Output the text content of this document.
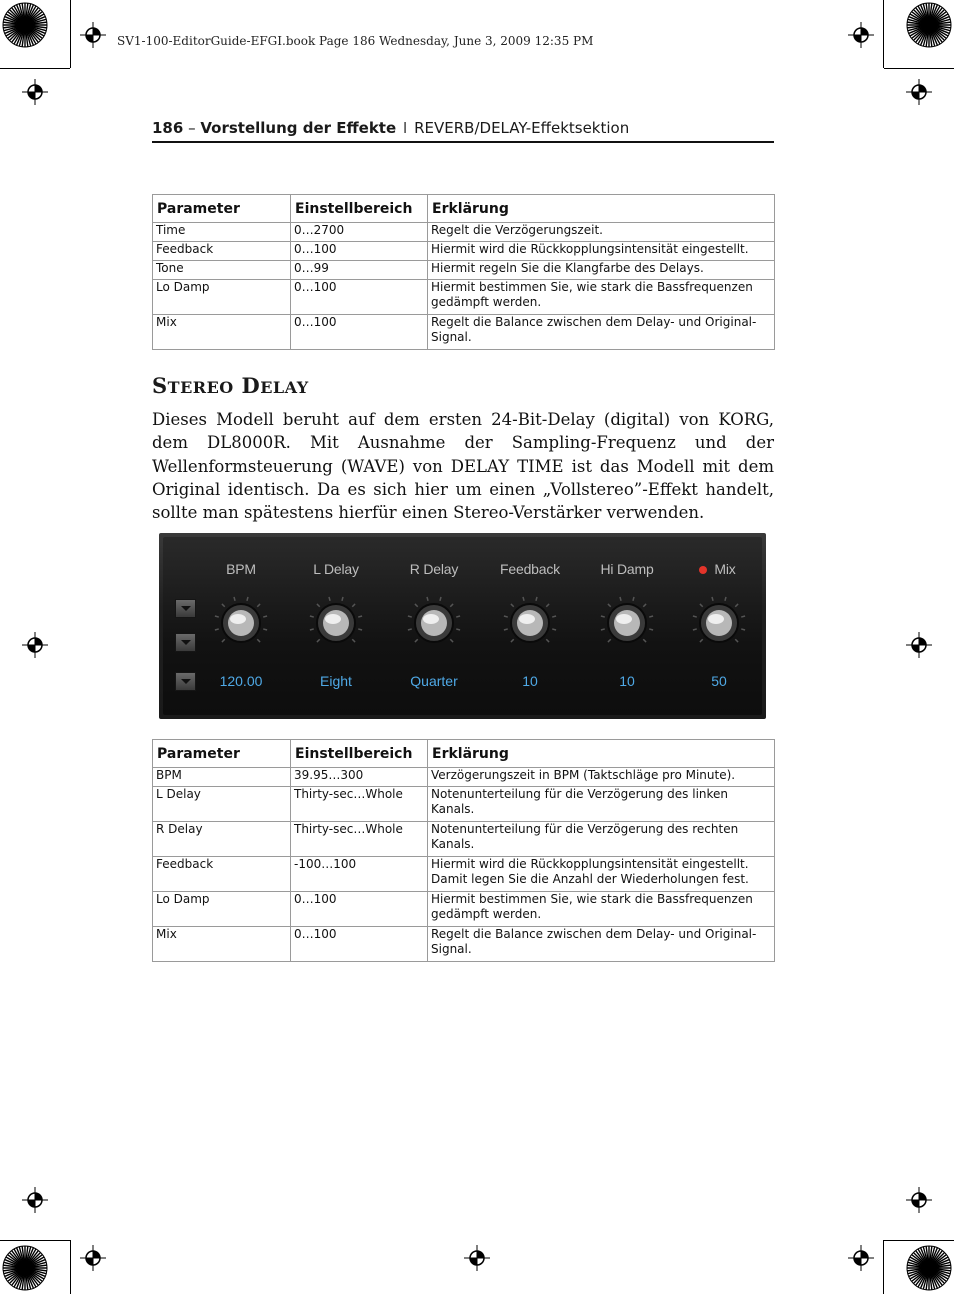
SV1-100-EditorGuide-EFGI.book Page 186 Wednesday, June 3, 2009 12:35 PM
186 – Vorstellung der Effekte I REVERB/DELAY-Effektsektion
Parameter	Einstellbereich	Erklärung
Time	0…2700	Regelt die Verzögerungszeit.
Feedback	0…100	Hiermit wird die Rückkopplungsintensität eingestellt.
Tone	0…99	Hiermit regeln Sie die Klangfarbe des Delays.
Lo Damp	0…100	Hiermit bestimmen Sie, wie stark die Bassfrequenzen gedämpft werden.
Mix	0…100	Regelt die Balance zwischen dem Delay- und Original-Signal.
STEREO DELAY
Dieses Modell beruht auf dem ersten 24-Bit-Delay (digital) von KORG, dem DL8000R. Mit Ausnahme der Sampling-Frequenz und der Wellenformsteuerung (WAVE) von DELAY TIME ist das Modell mit dem Original identisch. Da es sich hier um einen „Vollstereo”-Effekt handelt, sollte man spätestens hierfür einen Stereo-Verstärker verwenden.
BPM
120.00
L Delay
Eight
R Delay
Quarter
Feedback
10
Hi Damp
10
Mix
50
Parameter	Einstellbereich	Erklärung
BPM	39.95…300	Verzögerungszeit in BPM (Taktschläge pro Minute).
L Delay	Thirty-sec…Whole	Notenunterteilung für die Verzögerung des linken Kanals.
R Delay	Thirty-sec…Whole	Notenunterteilung für die Verzögerung des rechten Kanals.
Feedback	-100…100	Hiermit wird die Rückkopplungsintensität eingestellt. Damit legen Sie die Anzahl der Wiederholungen fest.
Lo Damp	0…100	Hiermit bestimmen Sie, wie stark die Bassfrequenzen gedämpft werden.
Mix	0…100	Regelt die Balance zwischen dem Delay- und Original-Signal.
